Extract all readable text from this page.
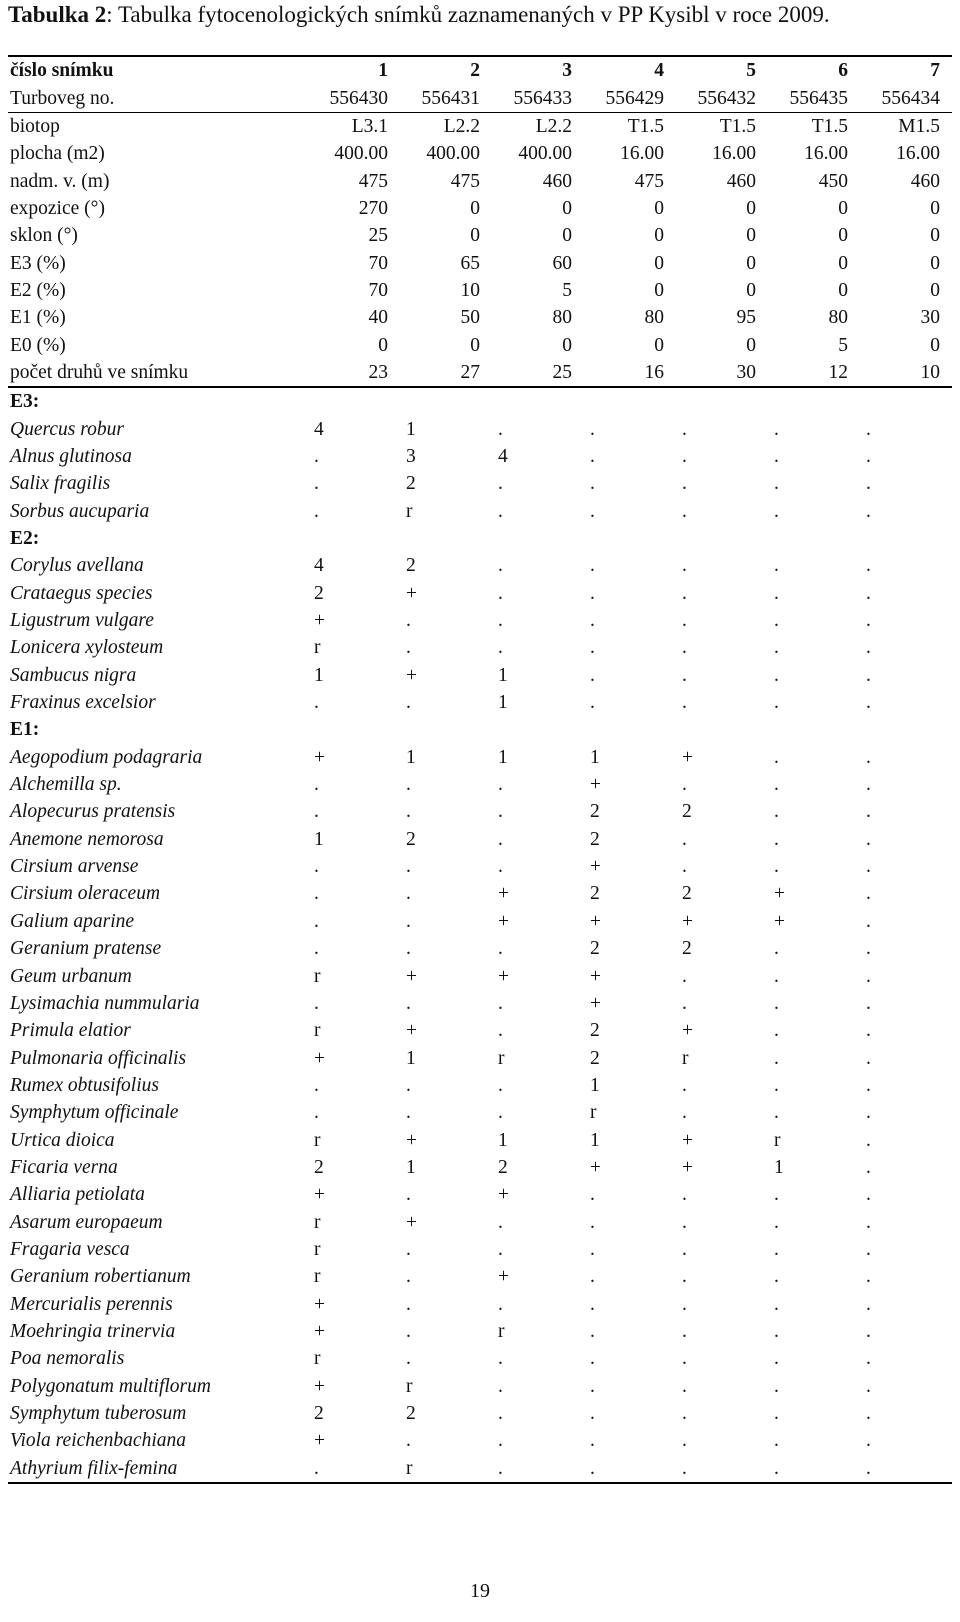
Tabulka 2: Tabulka fytocenologických snímků zaznamenaných v PP Kysibl v roce 2009.
číslo snímku	1	2	3	4	5	6	7
Turboveg no.	556430	556431	556433	556429	556432	556435	556434
biotop	L3.1	L2.2	L2.2	T1.5	T1.5	T1.5	M1.5
plocha (m2)	400.00	400.00	400.00	16.00	16.00	16.00	16.00
nadm. v. (m)	475	475	460	475	460	450	460
expozice (°)	270	0	0	0	0	0	0
sklon (°)	25	0	0	0	0	0	0
E3 (%)	70	65	60	0	0	0	0
E2 (%)	70	10	5	0	0	0	0
E1 (%)	40	50	80	80	95	80	30
E0 (%)	0	0	0	0	0	5	0
počet druhů ve snímku	23	27	25	16	30	12	10
E3:							
Quercus robur	4	1	.	.	.	.	.
Alnus glutinosa	.	3	4	.	.	.	.
Salix fragilis	.	2	.	.	.	.	.
Sorbus aucuparia	.	r	.	.	.	.	.
E2:							
Corylus avellana	4	2	.	.	.	.	.
Crataegus species	2	+	.	.	.	.	.
Ligustrum vulgare	+	.	.	.	.	.	.
Lonicera xylosteum	r	.	.	.	.	.	.
Sambucus nigra	1	+	1	.	.	.	.
Fraxinus excelsior	.	.	1	.	.	.	.
E1:							
Aegopodium podagraria	+	1	1	1	+	.	.
Alchemilla sp.	.	.	.	+	.	.	.
Alopecurus pratensis	.	.	.	2	2	.	.
Anemone nemorosa	1	2	.	2	.	.	.
Cirsium arvense	.	.	.	+	.	.	.
Cirsium oleraceum	.	.	+	2	2	+	.
Galium aparine	.	.	+	+	+	+	.
Geranium pratense	.	.	.	2	2	.	.
Geum urbanum	r	+	+	+	.	.	.
Lysimachia nummularia	.	.	.	+	.	.	.
Primula elatior	r	+	.	2	+	.	.
Pulmonaria officinalis	+	1	r	2	r	.	.
Rumex obtusifolius	.	.	.	1	.	.	.
Symphytum officinale	.	.	.	r	.	.	.
Urtica dioica	r	+	1	1	+	r	.
Ficaria verna	2	1	2	+	+	1	.
Alliaria petiolata	+	.	+	.	.	.	.
Asarum europaeum	r	+	.	.	.	.	.
Fragaria vesca	r	.	.	.	.	.	.
Geranium robertianum	r	.	+	.	.	.	.
Mercurialis perennis	+	.	.	.	.	.	.
Moehringia trinervia	+	.	r	.	.	.	.
Poa nemoralis	r	.	.	.	.	.	.
Polygonatum multiflorum	+	r	.	.	.	.	.
Symphytum tuberosum	2	2	.	.	.	.	.
Viola reichenbachiana	+	.	.	.	.	.	.
Athyrium filix-femina	.	r	.	.	.	.	.
19
